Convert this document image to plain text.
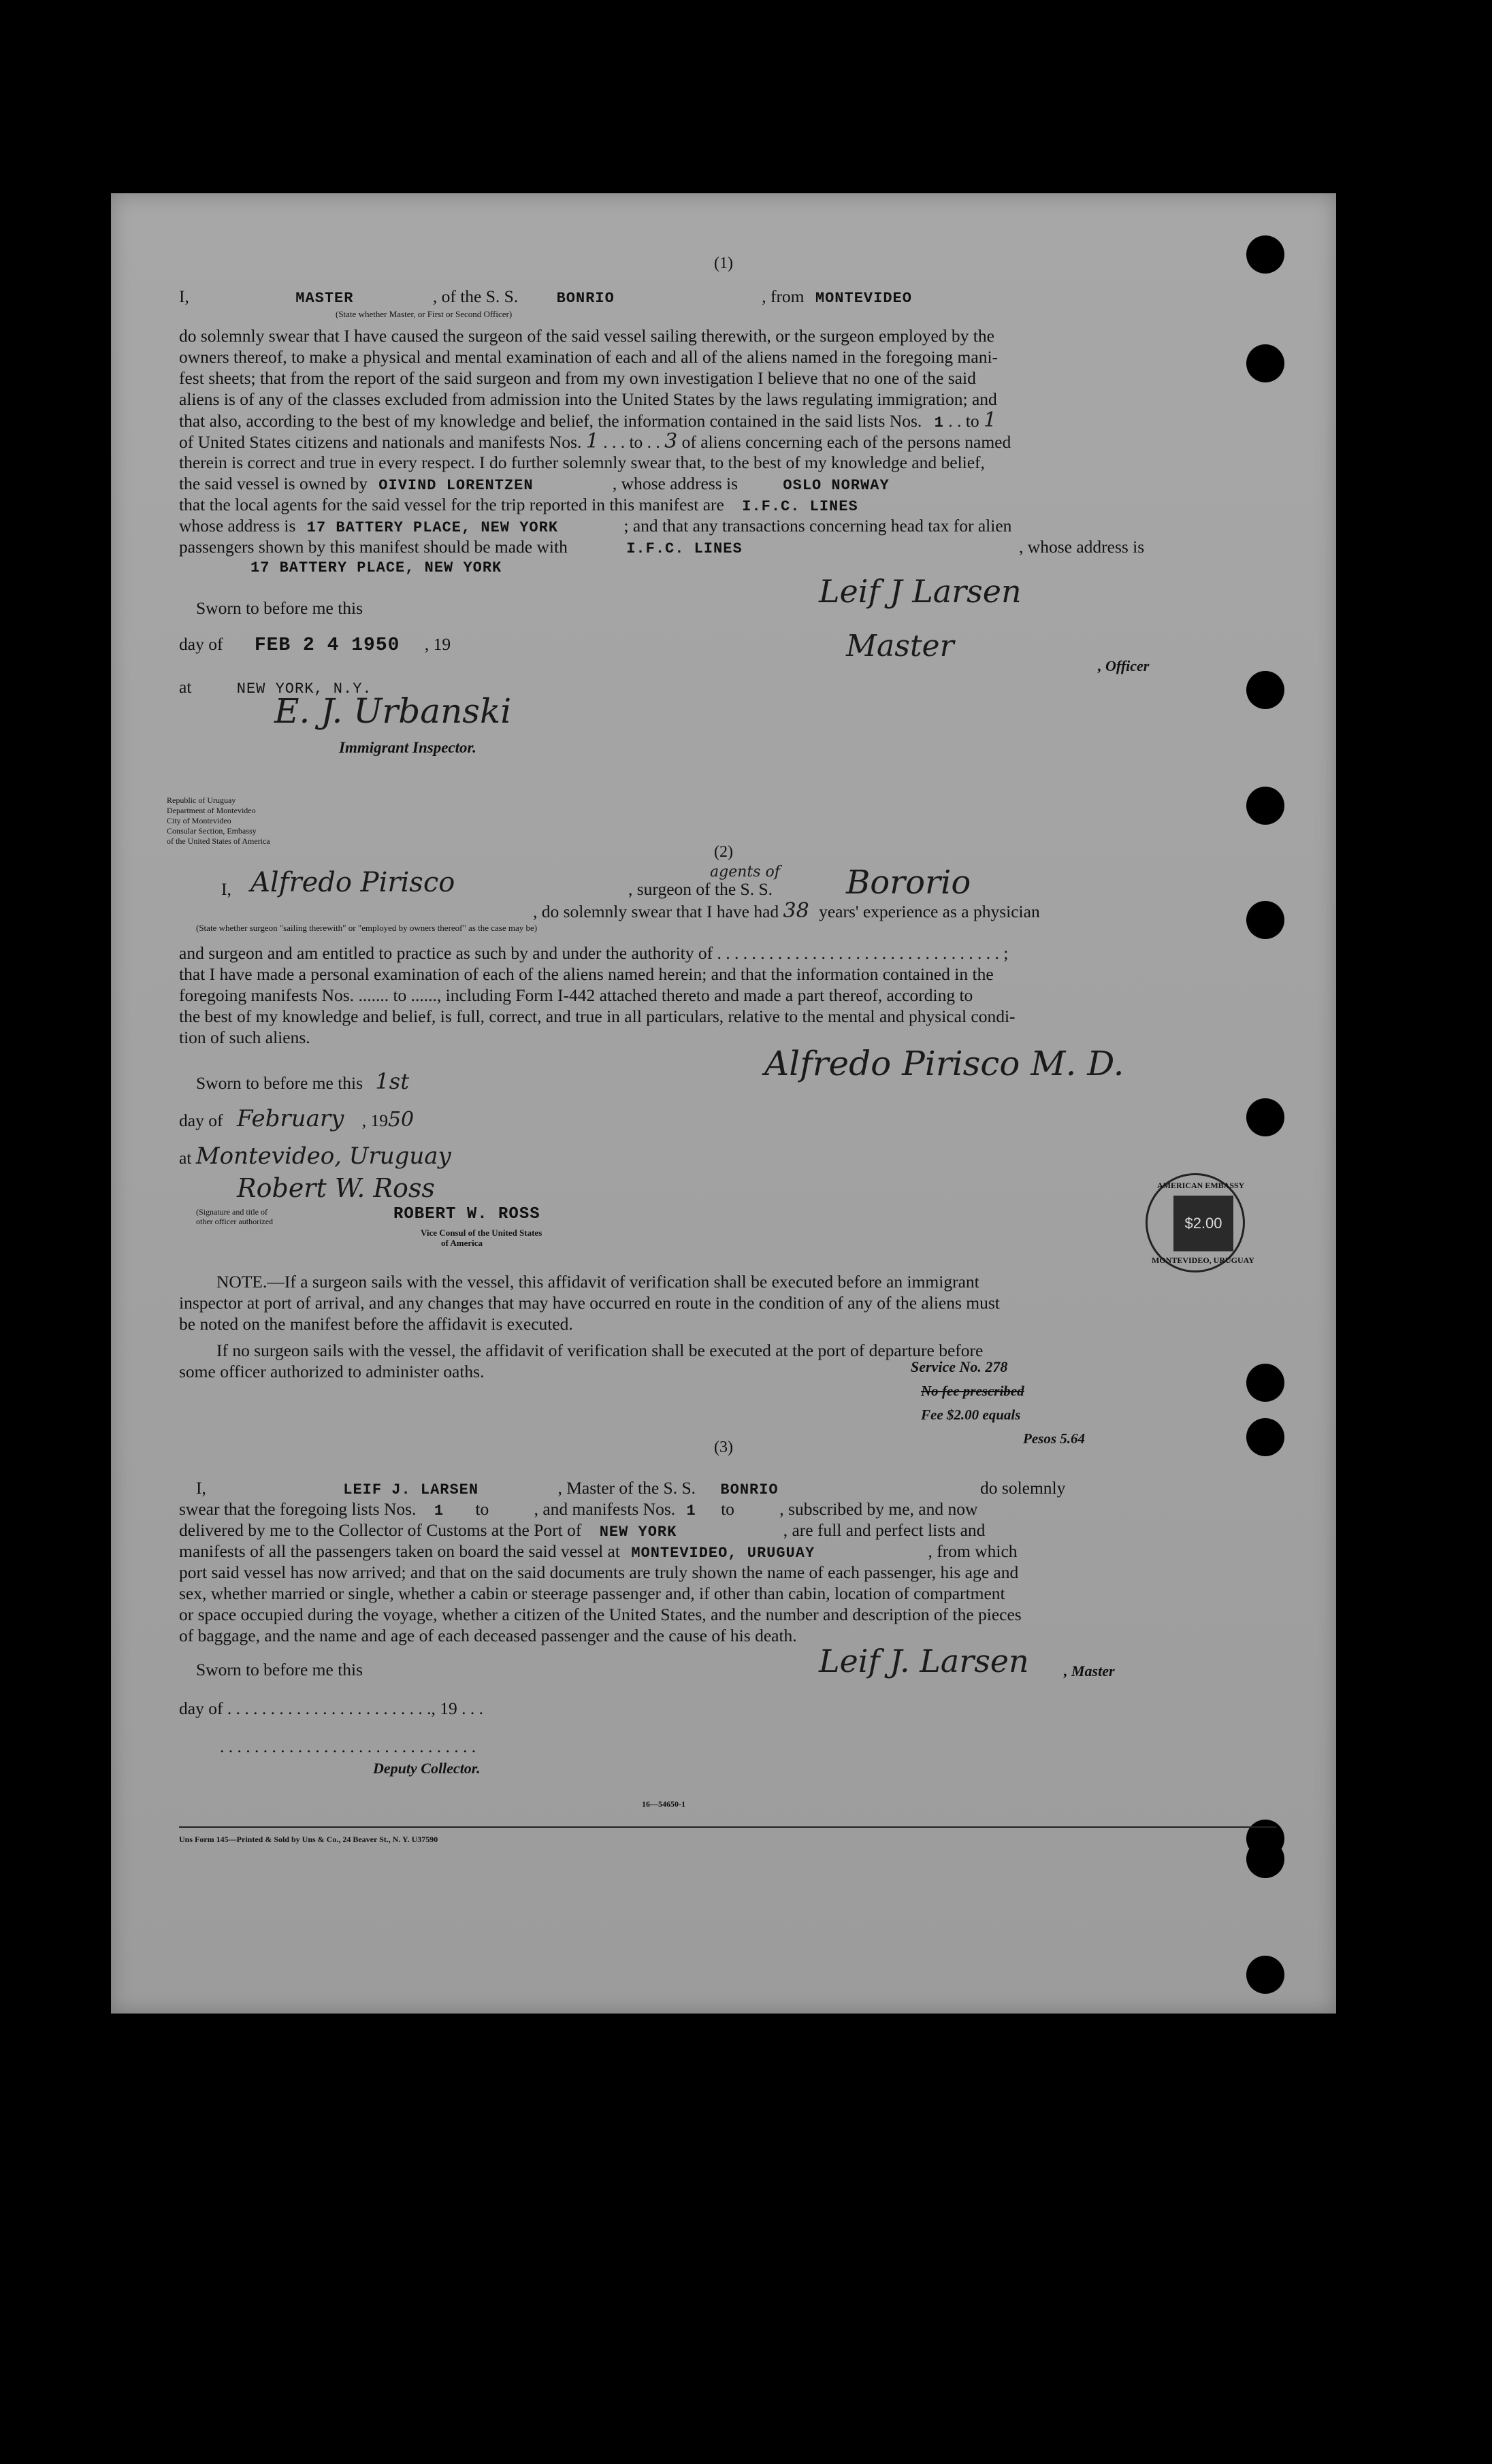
(1)
I,	MASTER	, of the S. S.	BONRIO	, from MONTEVIDEO
(State whether Master, or First or Second Officer)
do solemnly swear that I have caused the surgeon of the said vessel sailing therewith, or the surgeon employed by the
owners thereof, to make a physical and mental examination of each and all of the aliens named in the foregoing mani-
fest sheets; that from the report of the said surgeon and from my own investigation I believe that no one of the said
aliens is of any of the classes excluded from admission into the United States by the laws regulating immigration; and
that also, according to the best of my knowledge and belief, the information contained in the said lists Nos. 1 . . to 1
of United States citizens and nationals and manifests Nos. 1 . . . to . . 3 of aliens concerning each of the persons named
therein is correct and true in every respect. I do further solemnly swear that, to the best of my knowledge and belief,
the said vessel is owned by OIVIND LORENTZEN	, whose address is	OSLO NORWAY
that the local agents for the said vessel for the trip reported in this manifest are I.F.C. LINES
whose address is 17 BATTERY PLACE, NEW YORK	; and that any transactions concerning head tax for alien
passengers shown by this manifest should be made with	I.F.C. LINES	, whose address is
17 BATTERY PLACE, NEW YORK
Sworn to before me this	Leif J Larsen
day of FEB 2 4 1950 , 19	Master
, Officer
at	NEW YORK, N.Y.
E. J. Urbanski
Immigrant Inspector.
Republic of Uruguay
Department of Montevideo
City of Montevideo
Consular Section, Embassy
of the United States of America
(2)
I, Alfredo Pirisco	, surgeon of the S. S.
agents of Bororio
, do solemnly swear that I have had 38 years' experience as a physician
(State whether surgeon "sailing therewith" or "employed by owners thereof" as the case may be)
and surgeon and am entitled to practice as such by and under the authority of . . . . . . . . . . . . . . . . . . . . . . . . . . . . . . . . . ;
that I have made a personal examination of each of the aliens named herein; and that the information contained in the
foregoing manifests Nos. ....... to ......, including Form I-442 attached thereto and made a part thereof, according to
the best of my knowledge and belief, is full, correct, and true in all particulars, relative to the mental and physical condi-
tion of such aliens.
Sworn to before me this 1st	Alfredo Pirisco M. D.
day of February , 1950
at Montevideo, Uruguay
Robert W. Ross
(Signature and title of
other officer authorized	ROBERT W. ROSS
Vice Consul of the United States
of America
AMERICAN EMBASSY
$2.00
MONTEVIDEO, URUGUAY
NOTE.—If a surgeon sails with the vessel, this affidavit of verification shall be executed before an immigrant
inspector at port of arrival, and any changes that may have occurred en route in the condition of any of the aliens must
be noted on the manifest before the affidavit is executed.
If no surgeon sails with the vessel, the affidavit of verification shall be executed at the port of departure before
some officer authorized to administer oaths.	Service No. 278
No fee prescribed
Fee $2.00 equals
Pesos 5.64
(3)
I,	LEIF J. LARSEN	, Master of the S. S. BONRIO	do solemnly
swear that the foregoing lists Nos. 1 to	, and manifests Nos. 1 to	, subscribed by me, and now
delivered by me to the Collector of Customs at the Port of NEW YORK	, are full and perfect lists and
manifests of all the passengers taken on board the said vessel at MONTEVIDEO, URUGUAY	, from which
port said vessel has now arrived; and that on the said documents are truly shown the name of each passenger, his age and
sex, whether married or single, whether a cabin or steerage passenger and, if other than cabin, location of compartment
or space occupied during the voyage, whether a citizen of the United States, and the number and description of the pieces
of baggage, and the name and age of each deceased passenger and the cause of his death.
Sworn to before me this	Leif J. Larsen , Master
day of . . . . . . . . . . . . . . . . . . . . . . . ., 19 . . .
. . . . . . . . . . . . . . . . . . . . . . . . . . . . . .
Deputy Collector.
16—54650-1
Uns Form 145—Printed & Sold by Uns & Co., 24 Beaver St., N. Y. U37590
